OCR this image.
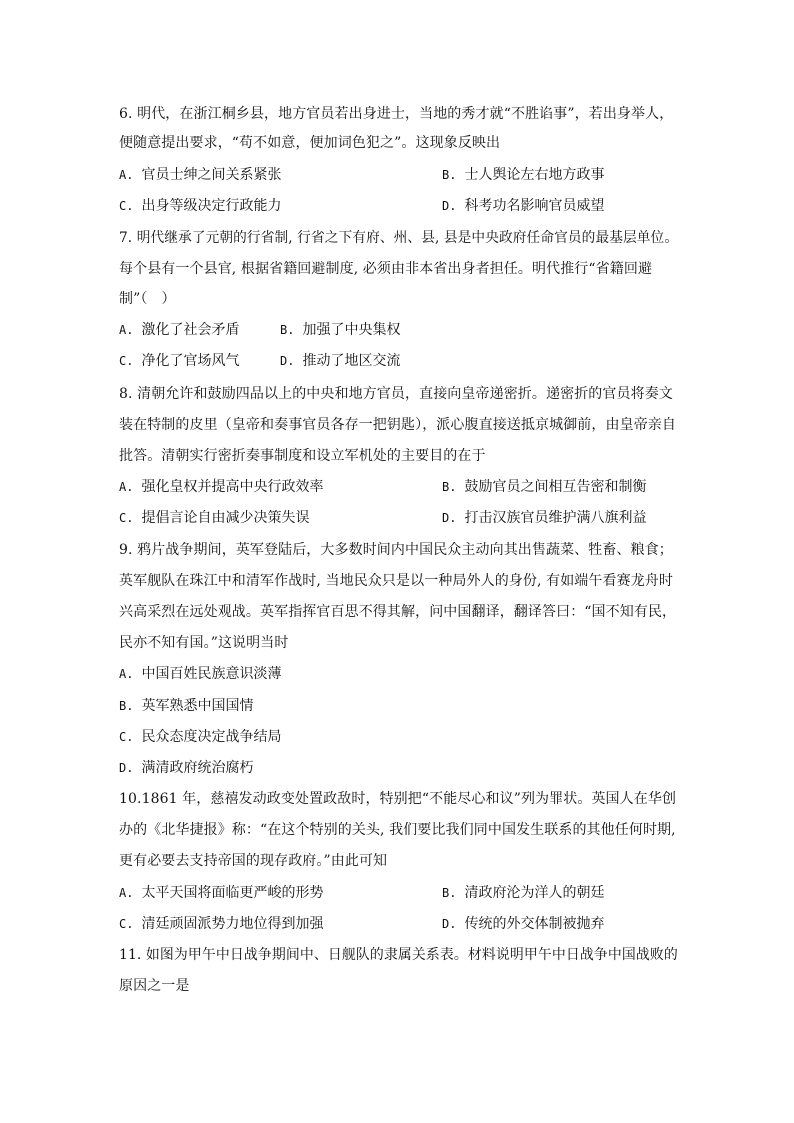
6. 明代，在浙江桐乡县，地方官员若出身进士，当地的秀才就“不胜谄事”，若出身举人，
便随意提出要求，“苟不如意，便加词色犯之”。这现象反映出
A. 官员士绅之间关系紧张	B. 士人舆论左右地方政事
C. 出身等级决定行政能力	D. 科考功名影响官员威望
7. 明代继承了元朝的行省制, 行省之下有府、州、县, 县是中央政府任命官员的最基层单位。
每个县有一个县官, 根据省籍回避制度, 必须由非本省出身者担任。明代推行“省籍回避
制”（　）
A. 激化了社会矛盾	B. 加强了中央集权
C. 净化了官场风气	D. 推动了地区交流
8. 清朝允许和鼓励四品以上的中央和地方官员，直接向皇帝递密折。递密折的官员将奏文
装在特制的皮里（皇帝和奏事官员各存一把钥匙），派心腹直接送抵京城御前，由皇帝亲自
批答。清朝实行密折奏事制度和设立军机处的主要目的在于
A. 强化皇权并提高中央行政效率	B. 鼓励官员之间相互告密和制衡
C. 提倡言论自由减少决策失误	D. 打击汉族官员维护满八旗利益
9. 鸦片战争期间，英军登陆后，大多数时间内中国民众主动向其出售蔬菜、牲畜、粮食；
英军舰队在珠江中和清军作战时, 当地民众只是以一种局外人的身份, 有如端午看赛龙舟时
兴高采烈在远处观战。英军指挥官百思不得其解，问中国翻译，翻译答曰：“国不知有民，
民亦不知有国。”这说明当时
A. 中国百姓民族意识淡薄
B. 英军熟悉中国国情
C. 民众态度决定战争结局
D. 满清政府统治腐朽
10.1861 年，慈禧发动政变处置政敌时，特别把“不能尽心和议”列为罪状。英国人在华创
办的《北华捷报》称：“在这个特别的关头, 我们要比我们同中国发生联系的其他任何时期,
更有必要去支持帝国的现存政府。”由此可知
A. 太平天国将面临更严峻的形势	B. 清政府沦为洋人的朝廷
C. 清廷顽固派势力地位得到加强	D. 传统的外交体制被抛弃
11. 如图为甲午中日战争期间中、日舰队的隶属关系表。材料说明甲午中日战争中国战败的
原因之一是
